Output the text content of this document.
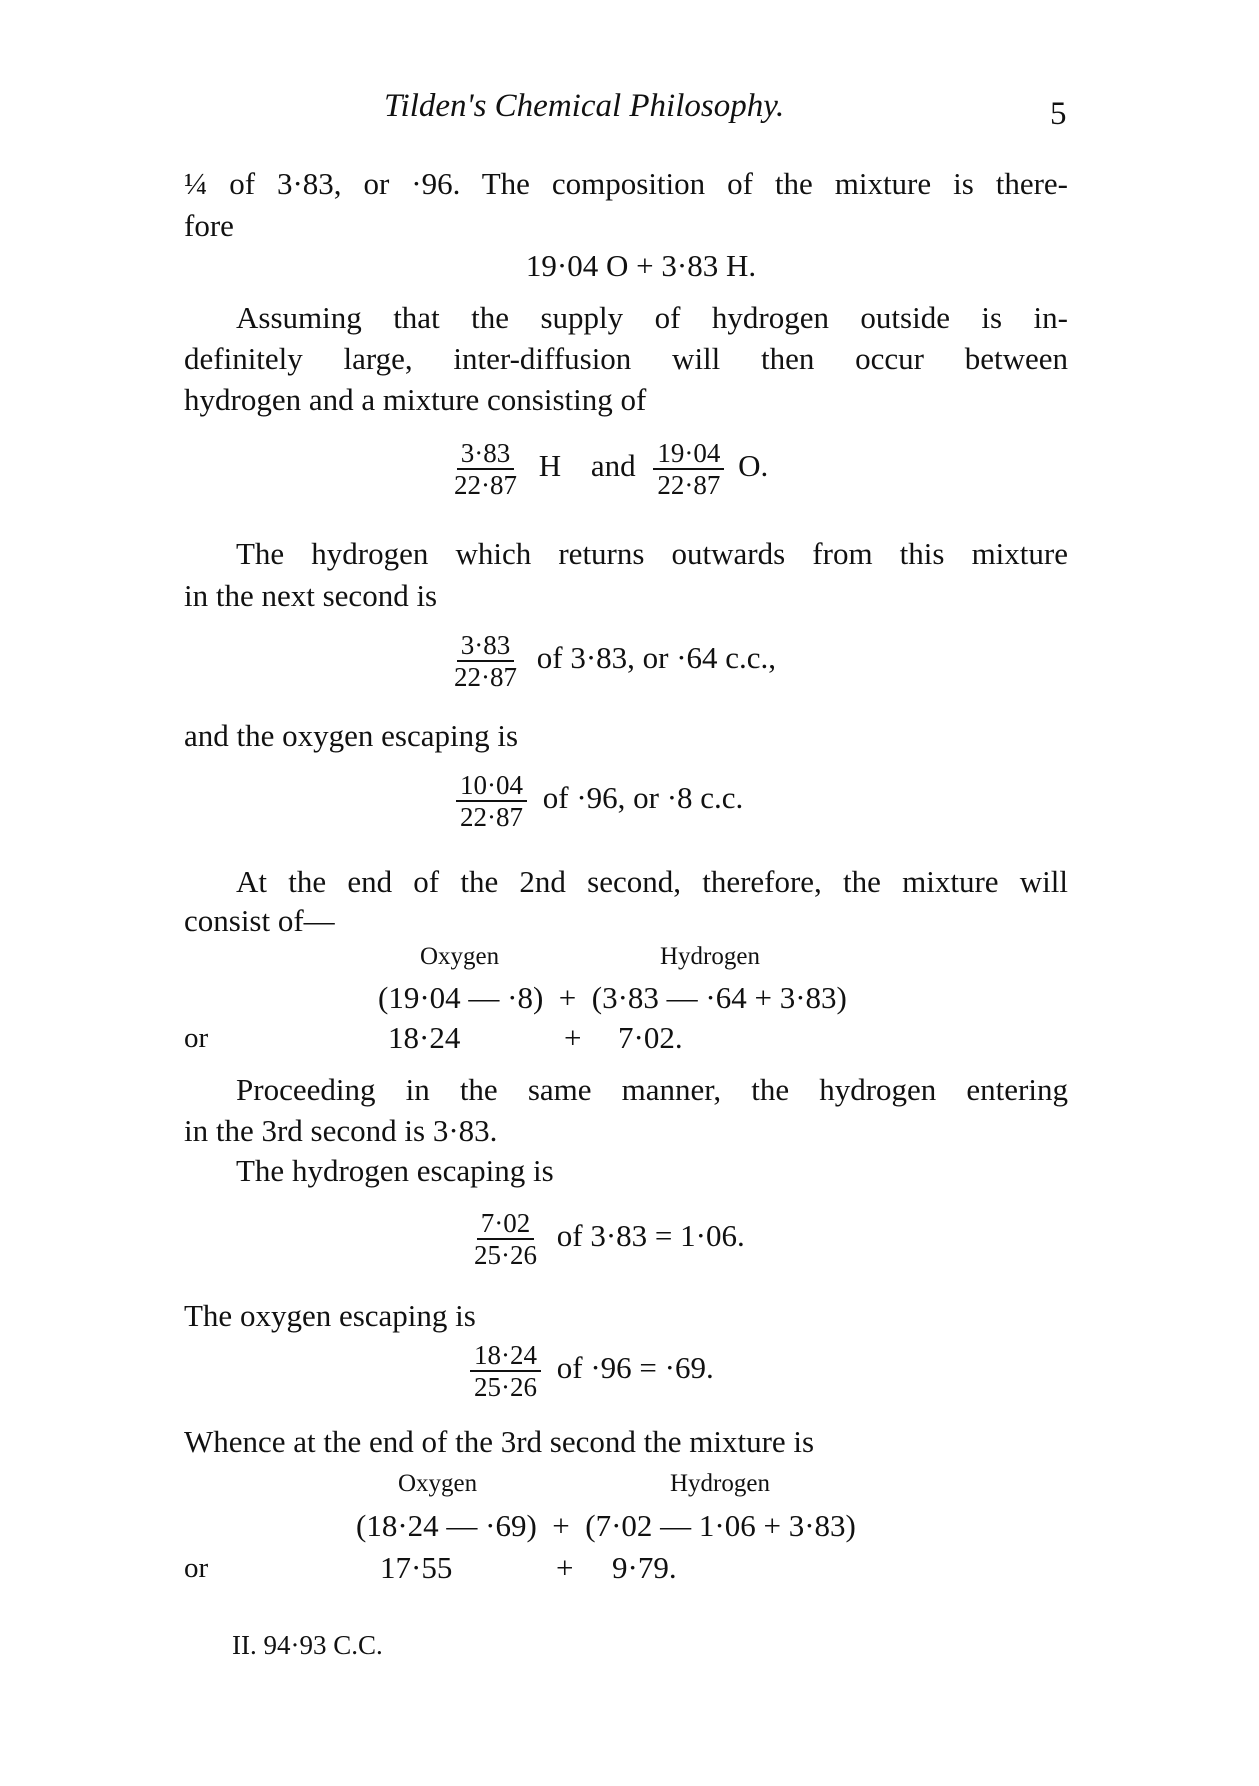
Tilden's Chemical Philosophy.	5
¼ of 3·83, or ·96. The composition of the mixture is there-
fore
19·04 O + 3·83 H.
Assuming that the supply of hydrogen outside is in-
definitely large, inter-diffusion will then occur between
hydrogen and a mixture consisting of
$\frac{3\cdot 83}{22\cdot 87}$ H and $\frac{19\cdot 04}{22\cdot 87} O$.
The hydrogen which returns outwards from this mixture
in the next second is
$\frac{3\cdot 83}{22\cdot 87}$ of 3·83, or ·64 c.c.,
and the oxygen escaping is
$\frac{10\cdot 04}{22\cdot 87}$ of ·96, or ·8 c.c.
At the end of the 2nd second, therefore, the mixture will
consist of—
Oxygen	Hydrogen
(19·04 — ·8)  +  (3·83 — ·64 + 3·83)
or	18·24	+ 7·02.
Proceeding in the same manner, the hydrogen entering
in the 3rd second is 3·83.
The hydrogen escaping is
$\frac{7\cdot 02}{25\cdot 26}$ of 3·83 = 1·06.
The oxygen escaping is
$\frac{18\cdot 24}{25\cdot 26}$ of ·96 = ·69.
Whence at the end of the 3rd second the mixture is
Oxygen	Hydrogen
(18·24 — ·69)  +  (7·02 — 1·06 + 3·83)
or	17·55	+ 9·79.
II. 94·93 C.C.
